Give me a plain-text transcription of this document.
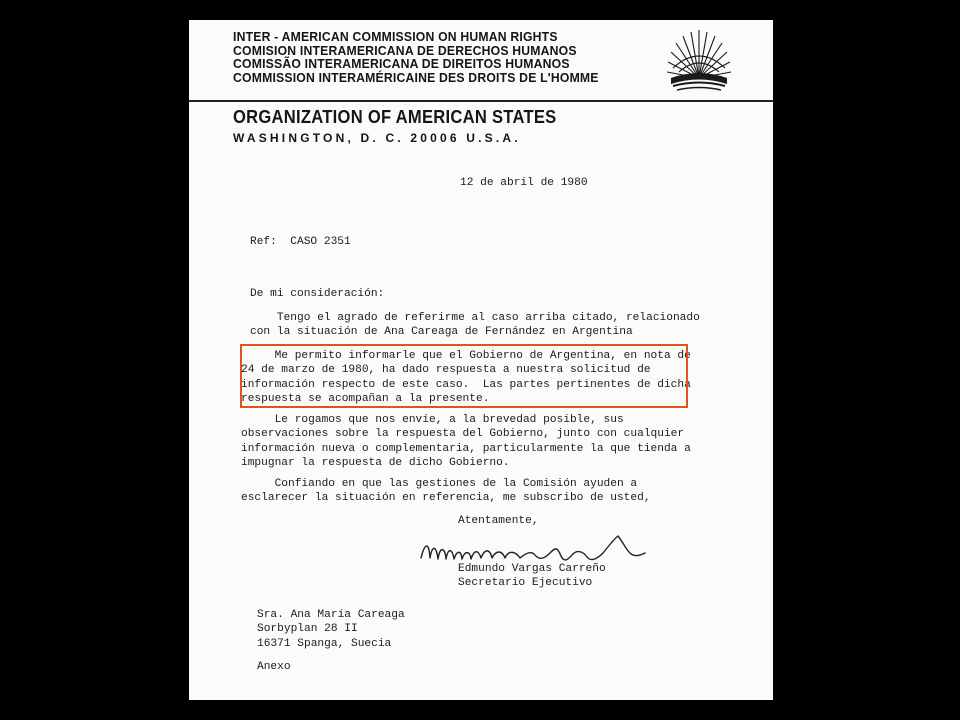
INTER - AMERICAN COMMISSION ON HUMAN RIGHTS
COMISION INTERAMERICANA DE DERECHOS HUMANOS
COMISSÃO INTERAMERICANA DE DIREITOS HUMANOS
COMMISSION INTERAMÉRICAINE DES DROITS DE L'HOMME
ORGANIZATION OF AMERICAN STATES
WASHINGTON, D. C. 20006 U.S.A.
12 de abril de 1980
Ref:  CASO 2351
De mi consideración:
Tengo el agrado de referirme al caso arriba citado, relacionado
con la situación de Ana Careaga de Fernández en Argentina
Me permito informarle que el Gobierno de Argentina, en nota de
24 de marzo de 1980, ha dado respuesta a nuestra solicitud de
información respecto de este caso.  Las partes pertinentes de dicha
respuesta se acompañan a la presente.
Le rogamos que nos envíe, a la brevedad posible, sus
observaciones sobre la respuesta del Gobierno, junto con cualquier
información nueva o complementaria, particularmente la que tienda a
impugnar la respuesta de dicho Gobierno.
Confiando en que las gestiones de la Comisión ayuden a
esclarecer la situación en referencia, me subscribo de usted,
Atentamente,
Edmundo Vargas Carreño
Secretario Ejecutivo
Sra. Ana María Careaga
Sorbyplan 28 II
16371 Spanga, Suecia
Anexo
